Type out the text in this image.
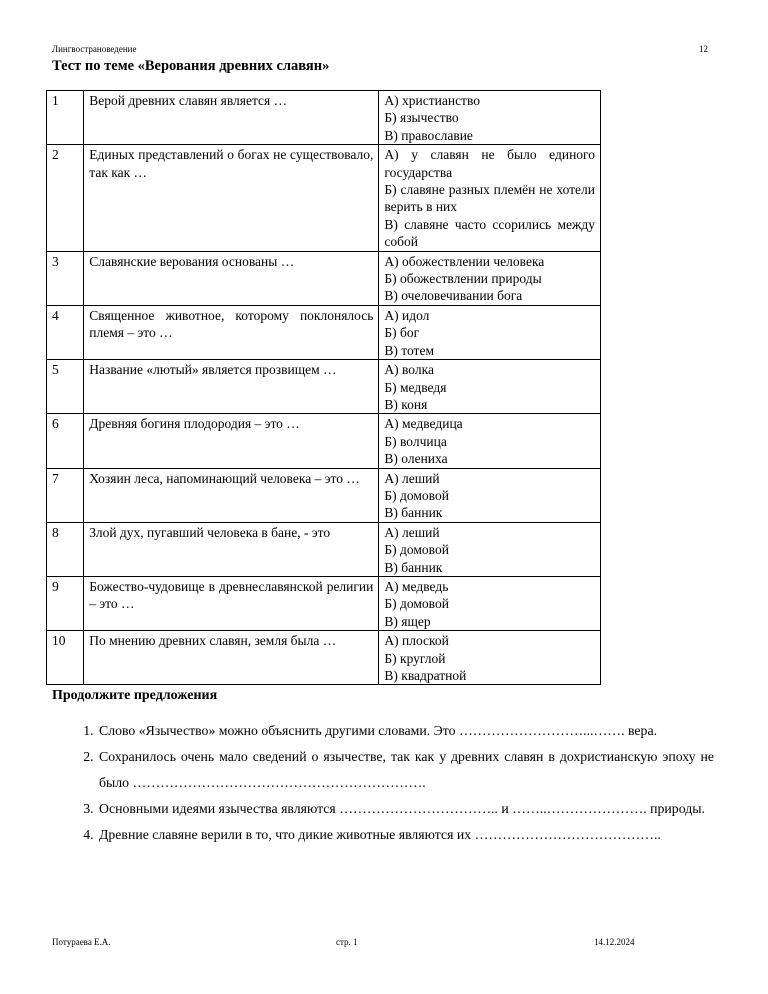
Лингвострановедение	12
Тест по теме «Верования древних славян»
1	Верой древних славян является …	А) христианство
Б) язычество
В) православие

2	Единых представлений о богах не существовало, так как …	А) у славян не было единого государства
Б) славяне разных племён не хотели верить в них
В) славяне часто ссорились между собой

3	Славянские верования основаны …	А) обожествлении человека
Б) обожествлении природы
В) очеловечивании бога

4	Священное животное, которому поклонялось племя – это …	А) идол
Б) бог
В) тотем

5	Название «лютый» является прозвищем …	А) волка
Б) медведя
В) коня

6	Древняя богиня плодородия – это …	А) медведица
Б) волчица
В) олениха

7	Хозяин леса, напоминающий человека – это …	А) леший
Б) домовой
В) банник

8	Злой дух, пугавший человека в бане, - это	А) леший
Б) домовой
В) банник

9	Божество-чудовище в древнеславянской религии – это …	А) медведь
Б) домовой
В) ящер

10	По мнению древних славян, земля была …	А) плоской
Б) круглой
В) квадратной
Продолжите предложения
1. Слово «Язычество» можно объяснить другими словами. Это ………………………...……. вера.
2. Сохранилось очень мало сведений о язычестве, так как у древних славян в дохристианскую эпоху не было ……………………………………………………….
3. Основными идеями язычества являются …………………………….. и ……..…………………. природы.
4. Древние славяне верили в то, что дикие животные являются их …………………………………..
Потураева Е.А.	стр. 1	14.12.2024
